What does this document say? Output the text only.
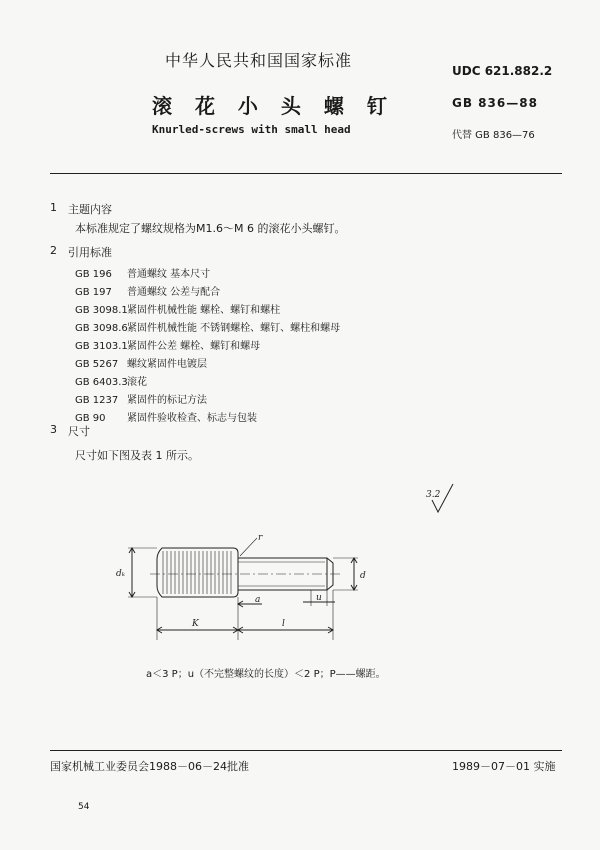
中华人民共和国国家标准
UDC 621.882.2
滚 花 小 头 螺 钉	GB 836—88
Knurled-screws with small head	代替 GB 836—76
1 主题内容
本标准规定了螺纹规格为M1.6～M 6 的滚花小头螺钉。
2 引用标准
GB 196 普通螺纹 基本尺寸
GB 197 普通螺纹 公差与配合
GB 3098.1紧固件机械性能 螺栓、螺钉和螺柱
GB 3098.6紧固件机械性能 不锈钢螺栓、螺钉、螺柱和螺母
GB 3103.1紧固件公差 螺栓、螺钉和螺母
GB 5267 螺纹紧固件电镀层
GB 6403.3滚花
GB 1237 紧固件的标记方法
GB 90 紧固件验收检查、标志与包装
3 尺寸
尺寸如下图及表 1 所示。
3.2
dₖ	d
r
a	u
K	l
a＜3 P；u（不完整螺纹的长度）＜2 P；P——螺距。
国家机械工业委员会1988－06－24批准	1989－07－01 实施
54
